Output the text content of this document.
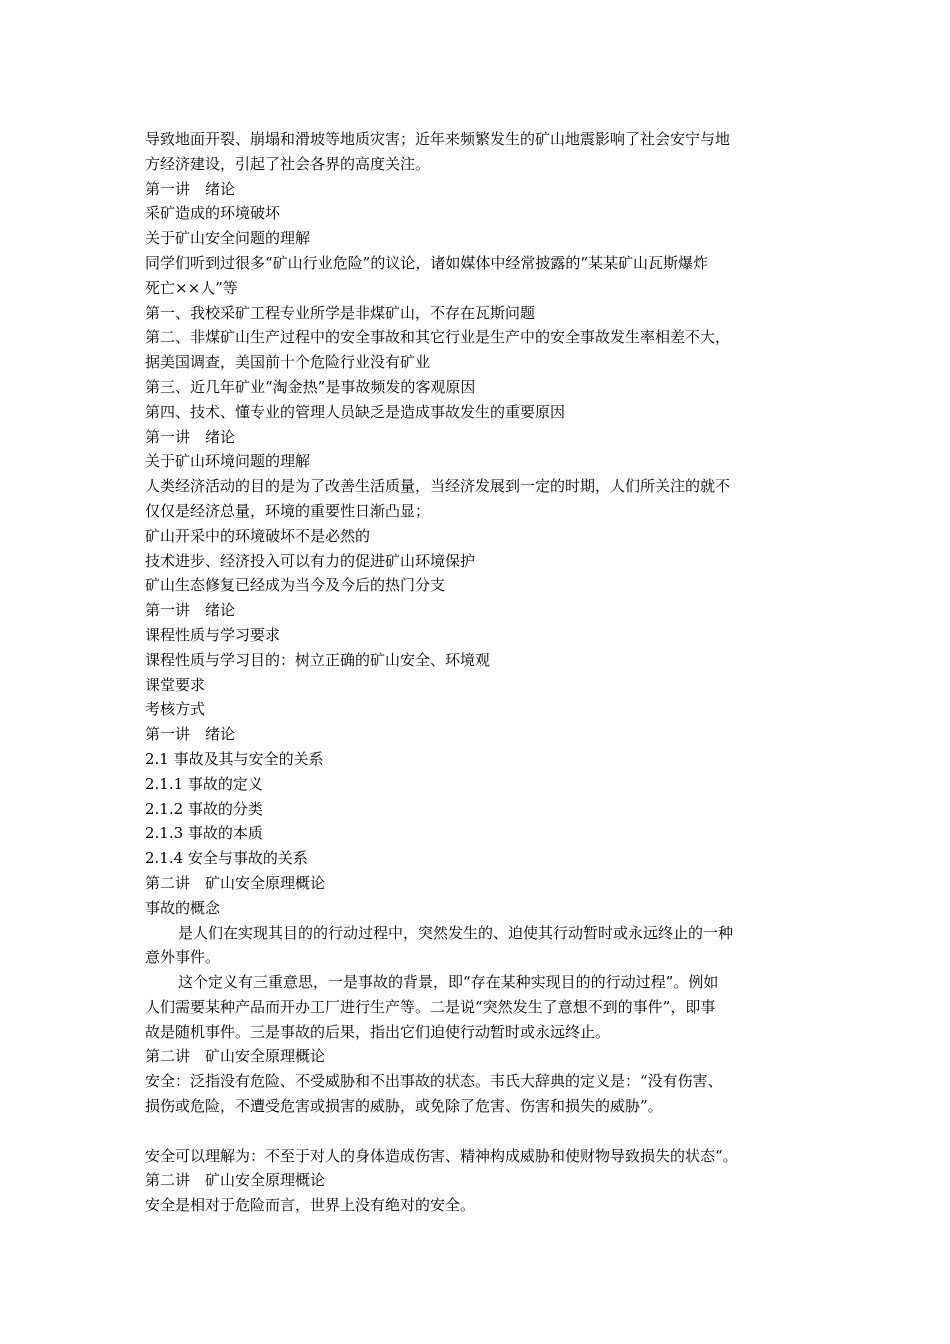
导致地面开裂、崩塌和滑坡等地质灾害；近年来频繁发生的矿山地震影响了社会安宁与地
方经济建设，引起了社会各界的高度关注。
第一讲　绪论
采矿造成的环境破坏
关于矿山安全问题的理解
同学们听到过很多“矿山行业危险”的议论，诸如媒体中经常披露的“某某矿山瓦斯爆炸
死亡××人”等
第一、我校采矿工程专业所学是非煤矿山，不存在瓦斯问题
第二、非煤矿山生产过程中的安全事故和其它行业是生产中的安全事故发生率相差不大，
据美国调查，美国前十个危险行业没有矿业
第三、近几年矿业“淘金热”是事故频发的客观原因
第四、技术、懂专业的管理人员缺乏是造成事故发生的重要原因
第一讲　绪论
关于矿山环境问题的理解
人类经济活动的目的是为了改善生活质量，当经济发展到一定的时期，人们所关注的就不
仅仅是经济总量，环境的重要性日渐凸显；
矿山开采中的环境破坏不是必然的
技术进步、经济投入可以有力的促进矿山环境保护
矿山生态修复已经成为当今及今后的热门分支
第一讲　绪论
课程性质与学习要求
课程性质与学习目的：树立正确的矿山安全、环境观
课堂要求
考核方式
第一讲　绪论
2.1 事故及其与安全的关系
2.1.1 事故的定义
2.1.2 事故的分类
2.1.3 事故的本质
2.1.4 安全与事故的关系
第二讲　矿山安全原理概论
事故的概念
是人们在实现其目的的行动过程中，突然发生的、迫使其行动暂时或永远终止的一种
意外事件。
这个定义有三重意思，一是事故的背景，即“存在某种实现目的的行动过程”。例如
人们需要某种产品而开办工厂进行生产等。二是说“突然发生了意想不到的事件”，即事
故是随机事件。三是事故的后果，指出它们迫使行动暂时或永远终止。
第二讲　矿山安全原理概论
安全：泛指没有危险、不受威胁和不出事故的状态。韦氏大辞典的定义是：“没有伤害、
损伤或危险，不遭受危害或损害的威胁，或免除了危害、伤害和损失的威胁”。
安全可以理解为：不至于对人的身体造成伤害、精神构成威胁和使财物导致损失的状态“。
第二讲　矿山安全原理概论
安全是相对于危险而言，世界上没有绝对的安全。
